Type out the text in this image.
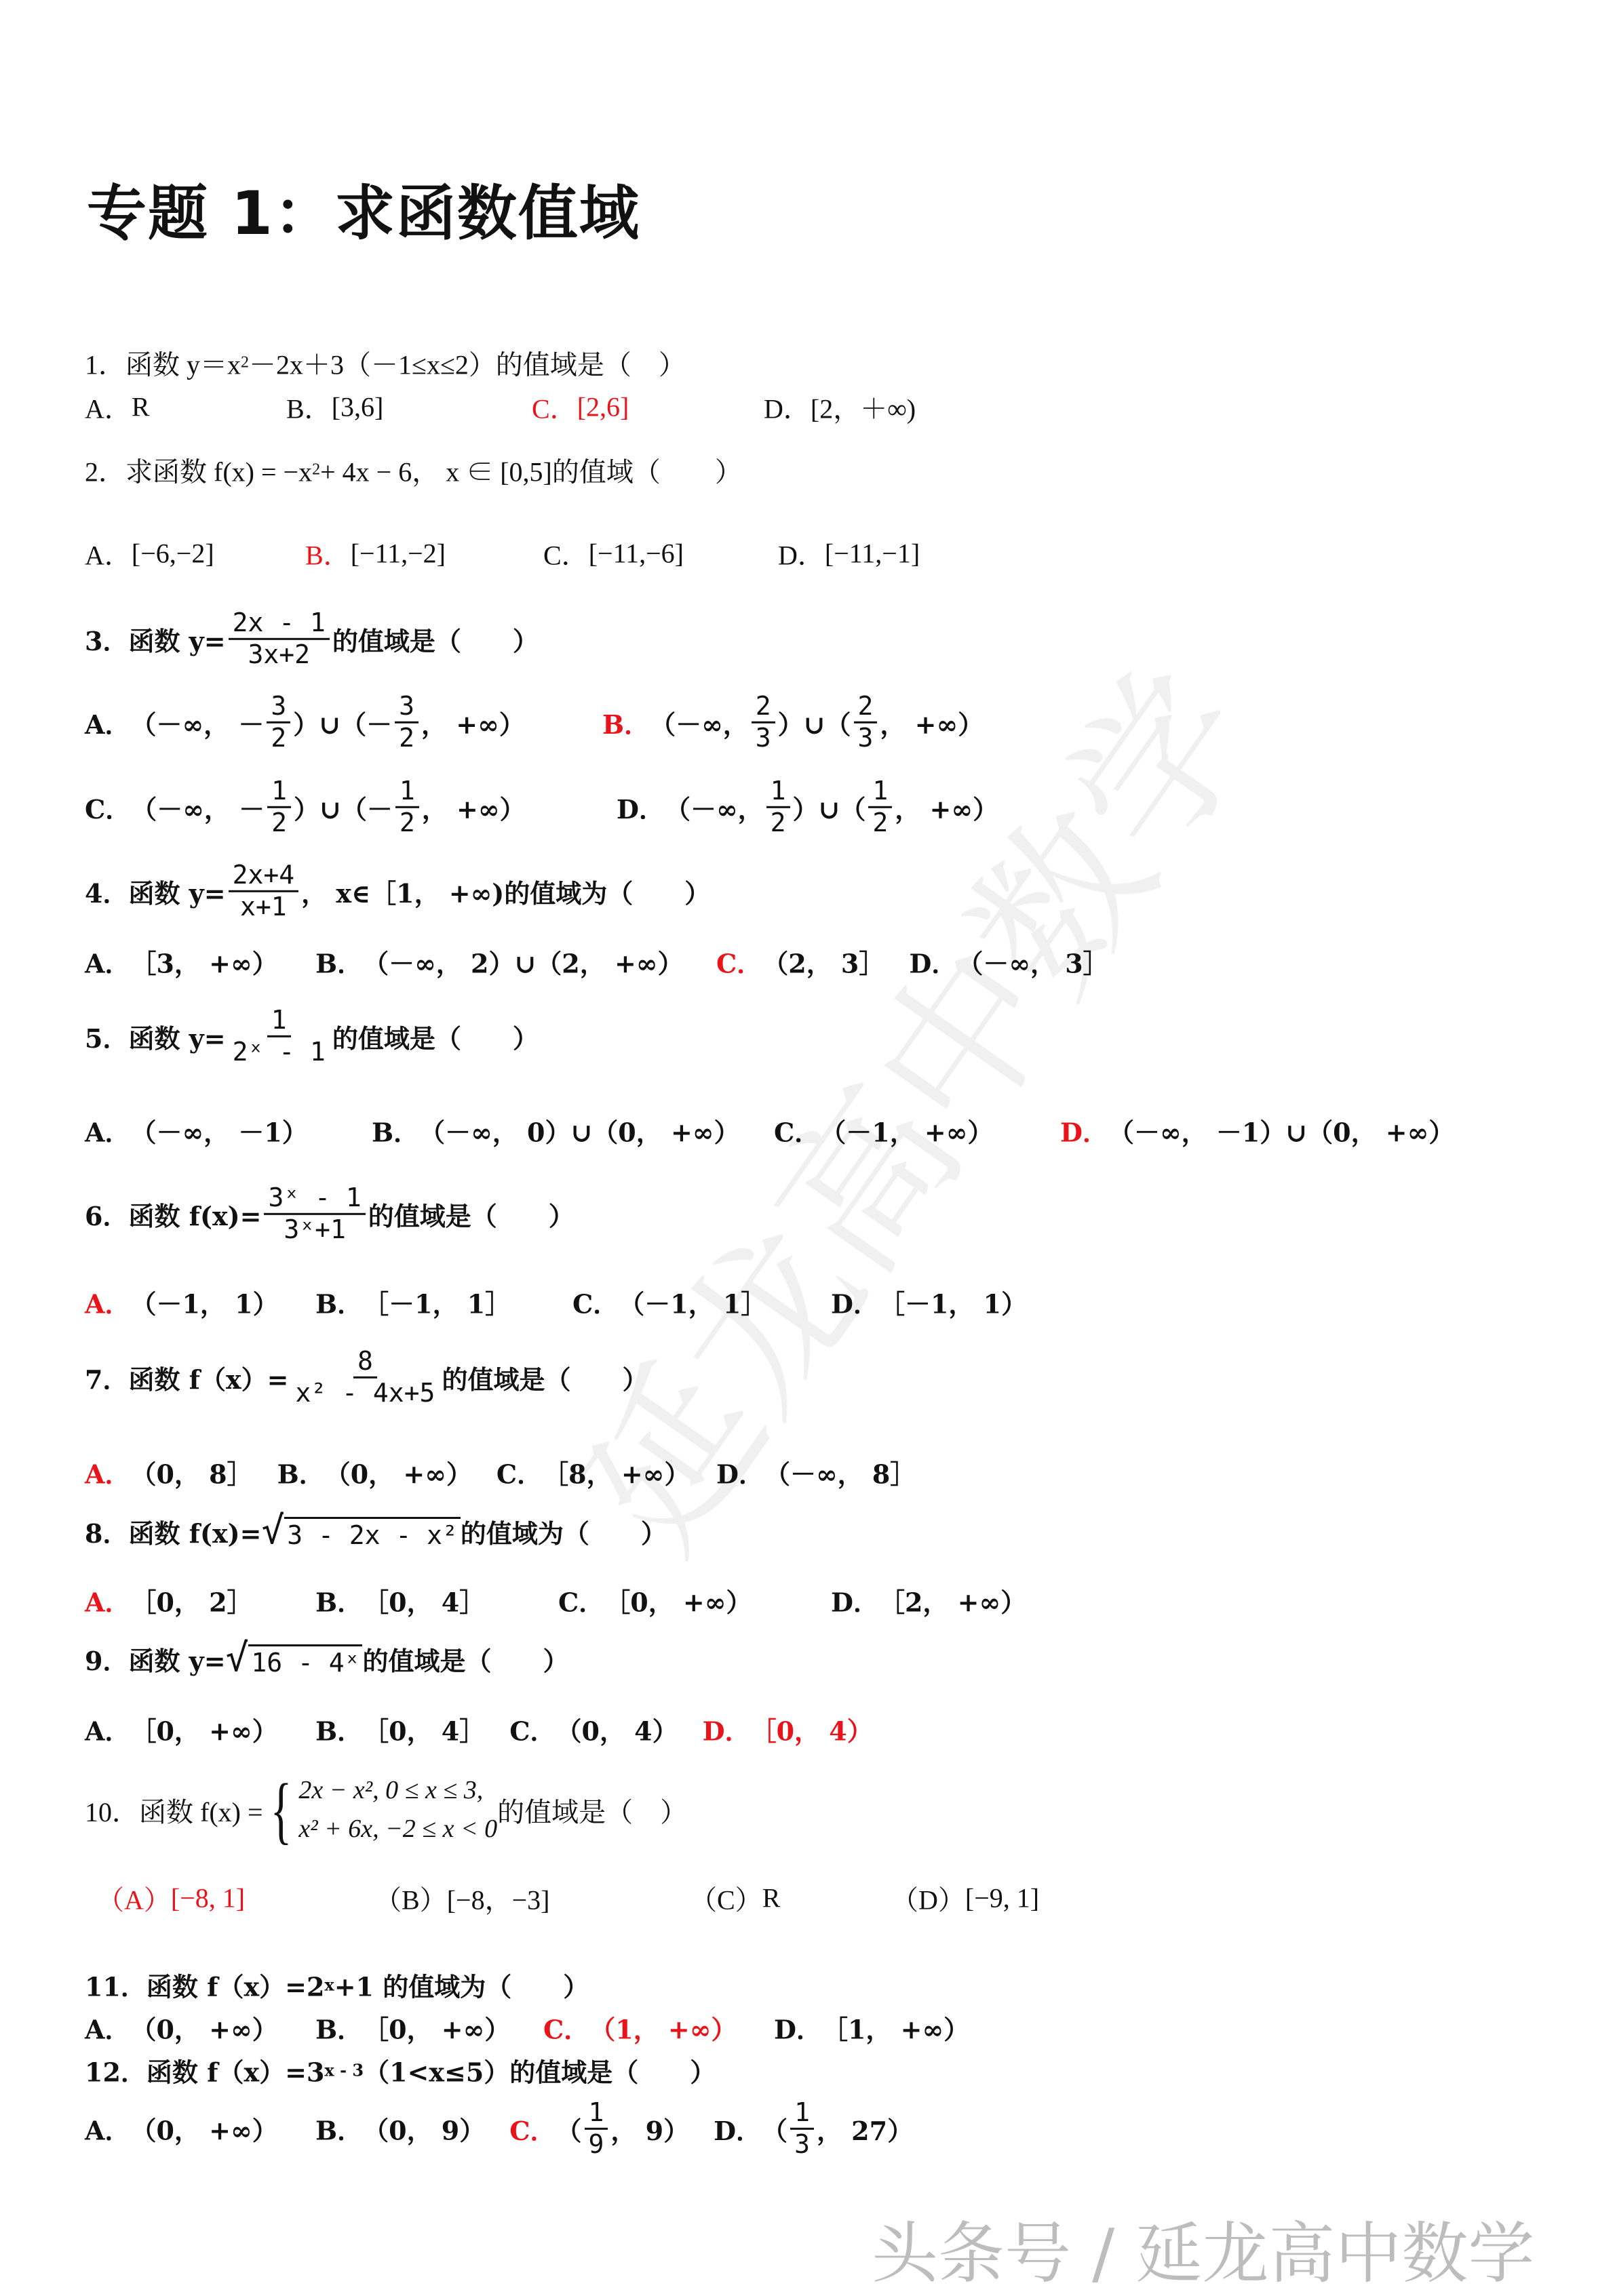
专题 1：求函数值域
1． 函数 y＝x 2 －2x＋3（－1≤x≤2）的值域是（　）
A． R	B． [3,6]	C． [2,6]	D． [2，＋∞)
2． 求函数 f(x) = −x 2 + 4x − 6， x ∈ [0,5]的值域（　　）
A． [−6,−2]	B． [−11,−2]	C． [−11,−6]	D． [−11,−1]
3． 函数 $y= \frac{2x - 1}{3x+2}$ 的值域是（　　）
A． （－∞， － $\frac{3}{2}$ ）∪（－ $\frac{3}{2}$ ， +∞）	B． （－∞， $\frac{2}{3}$ ）∪（ $\frac{2}{3}$ ， +∞）
C． （－∞， － $\frac{1}{2}$ ）∪（－ $\frac{1}{2}$ ， +∞）	D． （－∞， $\frac{1}{2}$ ）∪（ $\frac{1}{2}$ ， +∞）
4． 函数 $y= \frac{2x+4}{x+1}$ ， x∈［1， +∞)的值域为（　　）
A． ［3， +∞） B． （－∞， 2）∪（2， +∞） C． （2， 3］ D． （－∞， 3］
5． 函数 $y= \frac{1}{\text{2ˣ - 1}}$ 的值域是（　　）
A． （－∞， －1） B． （－∞， 0）∪（0， +∞） C． （－1， +∞）	D． （－∞， －1）∪（0， +∞）
6． 函数 $f(x)= \frac{\text{3ˣ - 1}}{\text{3ˣ+1}}$ 的值域是（　　）
A． （－1， 1） B． ［－1， 1］ C． （－1， 1］ D． ［－1， 1）
7． 函数 $f(x)= \frac{8}{\text{x² - 4x+5}}$ 的值域是（　　）
A． （0， 8］ B． （0， +∞） C． ［8， +∞） D． （－∞， 8］
8． 函数 f(x)= √ 3 - 2x - x² 的值域为（　　）
A． ［0， 2］ B． ［0， 4］	C． ［0， +∞）	D． ［2， +∞）
9． 函数 y= √ 16 - 4ˣ 的值域是（　　）
A． ［0， +∞） B． ［0， 4］ C． （0， 4） D． ［0， 4）
10． 函数 f(x) = { 2x − x², 0 ≤ x ≤ 3,
x² + 6x, −2 ≤ x < 0
的值域是（　）
（A） [−8, 1]	（B） [−8，−3]	（C） R	（D） [−9, 1]
11． 函数 f（x）=2 x +1 的值域为（　　）
A． （0， +∞） B． ［0， +∞） C． （1， +∞） D． ［1， +∞）
12． 函数 f（x）=3 x - 3 （1<x≤5）的值域是（　　）
A． （0， +∞） B． （0， 9） C． （ $\frac{1}{9}$ ， 9） D． （ $\frac{1}{3}$ ， 27）
头条号 / 延龙高中数学
